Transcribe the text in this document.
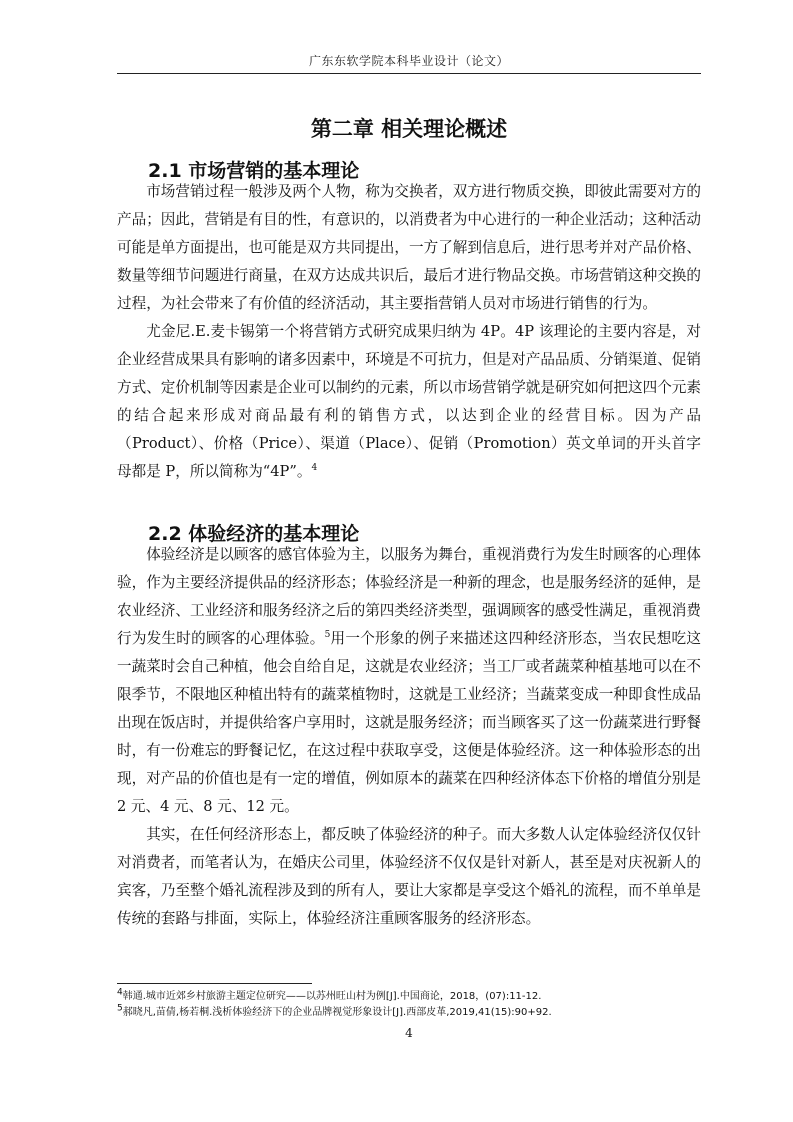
广东东软学院本科毕业设计（论文）
第二章 相关理论概述
2.1 市场营销的基本理论

市场营销过程一般涉及两个人物，称为交换者，双方进行物质交换，即彼此需要对方的产品；因此，营销是有目的性，有意识的，以消费者为中心进行的一种企业活动；这种活动可能是单方面提出，也可能是双方共同提出，一方了解到信息后，进行思考并对产品价格、数量等细节问题进行商量，在双方达成共识后，最后才进行物品交换。市场营销这种交换的过程，为社会带来了有价值的经济活动，其主要指营销人员对市场进行销售的行为。

尤金尼.E.麦卡锡第一个将营销方式研究成果归纳为 4P。4P 该理论的主要内容是，对企业经营成果具有影响的诸多因素中，环境是不可抗力，但是对产品品质、分销渠道、促销方式、定价机制等因素是企业可以制约的元素，所以市场营销学就是研究如何把这四个元素的结合起来形成对商品最有利的销售方式，以达到企业的经营目标。因为产品（Product）、价格（Price）、渠道（Place）、促销（Promotion）英文单词的开头首字母都是 P，所以简称为“4P”。$^4$

2.2 体验经济的基本理论

体验经济是以顾客的感官体验为主，以服务为舞台，重视消费行为发生时顾客的心理体验，作为主要经济提供品的经济形态；体验经济是一种新的理念，也是服务经济的延伸，是农业经济、工业经济和服务经济之后的第四类经济类型，强调顾客的感受性满足，重视消费行为发生时的顾客的心理体验。$^5$用一个形象的例子来描述这四种经济形态，当农民想吃这一蔬菜时会自己种植，他会自给自足，这就是农业经济；当工厂或者蔬菜种植基地可以在不限季节，不限地区种植出特有的蔬菜植物时，这就是工业经济；当蔬菜变成一种即食性成品出现在饭店时，并提供给客户享用时，这就是服务经济；而当顾客买了这一份蔬菜进行野餐时，有一份难忘的野餐记忆，在这过程中获取享受，这便是体验经济。这一种体验形态的出现，对产品的价值也是有一定的增值，例如原本的蔬菜在四种经济体态下价格的增值分别是 2 元、4 元、8 元、12 元。

其实，在任何经济形态上，都反映了体验经济的种子。而大多数人认定体验经济仅仅针对消费者，而笔者认为，在婚庆公司里，体验经济不仅仅是针对新人，甚至是对庆祝新人的宾客，乃至整个婚礼流程涉及到的所有人，要让大家都是享受这个婚礼的流程，而不单单是传统的套路与排面，实际上，体验经济注重顾客服务的经济形态。

$^4$韩通.城市近郊乡村旅游主题定位研究——以苏州旺山村为例[J].中国商论，2018，(07):11-12.
$^5$郝晓凡,苗倩,杨若桐.浅析体验经济下的企业品牌视觉形象设计[J].西部皮革,2019,41(15):90+92.
4
